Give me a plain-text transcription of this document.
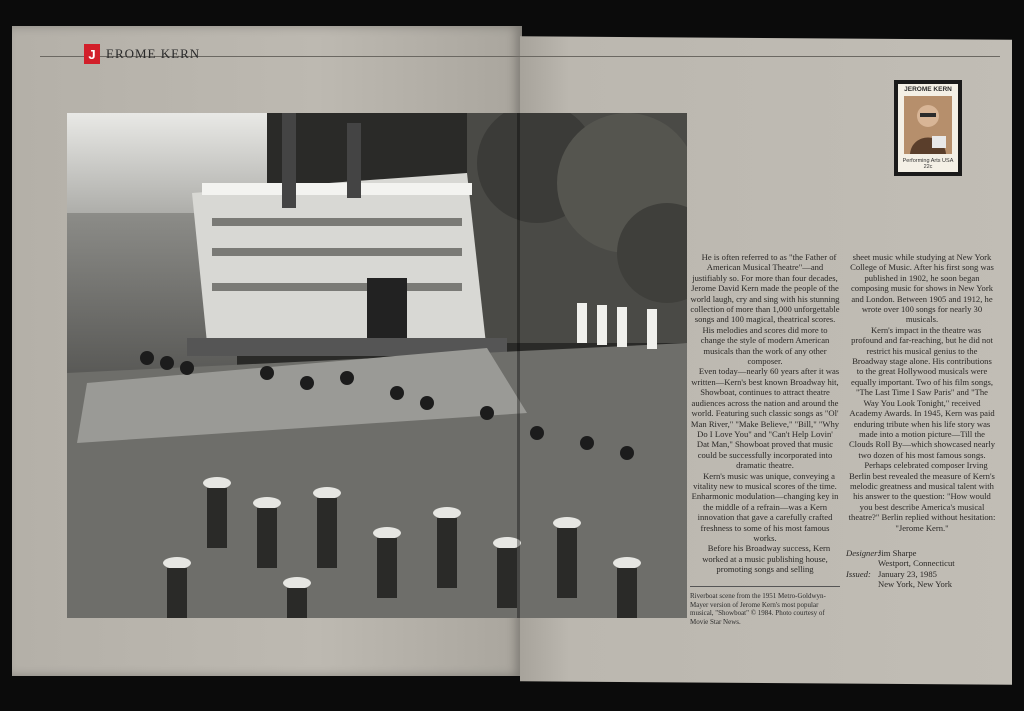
J EROME KERN
JEROME KERN
Performing Arts USA 22c

He is often referred to as "the Father of American Musical Theatre"—and justifiably so. For more than four decades, Jerome David Kern made the people of the world laugh, cry and sing with his stunning collection of more than 1,000 unforgettable songs and 100 magical, theatrical scores. His melodies and scores did more to change the style of modern American musicals than the work of any other composer.

Even today—nearly 60 years after it was written—Kern's best known Broadway hit, Showboat, continues to attract theatre audiences across the nation and around the world. Featuring such classic songs as "Ol' Man River," "Make Believe," "Bill," "Why Do I Love You" and "Can't Help Lovin' Dat Man," Showboat proved that music could be successfully incorporated into dramatic theatre.

Kern's music was unique, conveying a vitality new to musical scores of the time. Enharmonic modulation—changing key in the middle of a refrain—was a Kern innovation that gave a carefully crafted freshness to some of his most famous works.

Before his Broadway success, Kern worked at a music publishing house, promoting songs and selling

sheet music while studying at New York College of Music. After his first song was published in 1902, he soon began composing music for shows in New York and London. Between 1905 and 1912, he wrote over 100 songs for nearly 30 musicals.

Kern's impact in the theatre was profound and far-reaching, but he did not restrict his musical genius to the Broadway stage alone. His contributions to the great Hollywood musicals were equally important. Two of his film songs, "The Last Time I Saw Paris" and "The Way You Look Tonight," received Academy Awards. In 1945, Kern was paid enduring tribute when his life story was made into a motion picture—Till the Clouds Roll By—which showcased nearly two dozen of his most famous songs.

Perhaps celebrated composer Irving Berlin best revealed the measure of Kern's melodic greatness and musical talent with his answer to the question: "How would you best describe America's musical theatre?" Berlin replied without hesitation: "Jerome Kern."

Designer:
Jim Sharpe
Westport, Connecticut
Issued: January 23, 1985
New York, New York
Riverboat scene from the 1951 Metro-Goldwyn-Mayer version of Jerome Kern's most popular musical, "Showboat" © 1984. Photo courtesy of Movie Star News.
